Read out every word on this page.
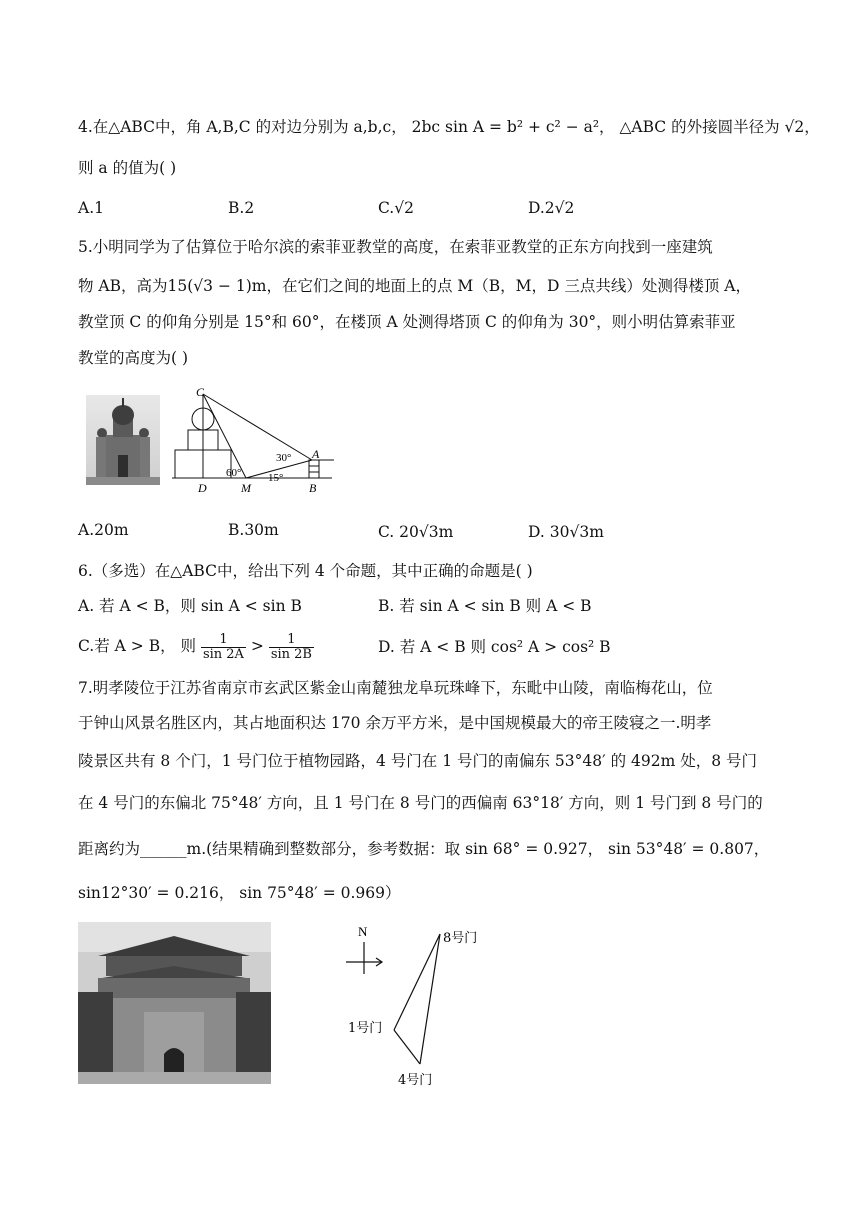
4.在△ABC中，角 A,B,C 的对边分别为 a,b,c， 2bc sin A = b² + c² − a²， △ABC 的外接圆半径为 √2，
则 a 的值为( )
A.1	B.2	C.√2	D.2√2
5.小明同学为了估算位于哈尔滨的索菲亚教堂的高度，在索菲亚教堂的正东方向找到一座建筑
物 AB，高为15(√3 − 1)m，在它们之间的地面上的点 M（B，M，D 三点共线）处测得楼顶 A，
教堂顶 C 的仰角分别是 15°和 60°，在楼顶 A 处测得塔顶 C 的仰角为 30°，则小明估算索菲亚
教堂的高度为( )
C
A
D	M	B
60°
30°
15°
A.20m	B.30m	C. 20√3m	D. 30√3m
6.（多选）在△ABC中，给出下列 4 个命题，其中正确的命题是( )
A. 若 A < B，则 sin A < sin B	B. 若 sin A < sin B 则 A < B
C.若 A > B， 则 $\frac{1}{\sin 2A} > \frac{1}{\sin 2B}$	D. 若 A < B 则 cos² A > cos² B
7.明孝陵位于江苏省南京市玄武区紫金山南麓独龙阜玩珠峰下，东毗中山陵，南临梅花山，位
于钟山风景名胜区内，其占地面积达 170 余万平方米，是中国规模最大的帝王陵寝之一.明孝
陵景区共有 8 个门，1 号门位于植物园路，4 号门在 1 号门的南偏东 53°48′ 的 492m 处，8 号门
在 4 号门的东偏北 75°48′ 方向，且 1 号门在 8 号门的西偏南 63°18′ 方向，则 1 号门到 8 号门的
距离约为______m.(结果精确到整数部分，参考数据：取 sin 68° = 0.927， sin 53°48′ = 0.807，
sin12°30′ = 0.216， sin 75°48′ = 0.969）
N	8号门
1号门
4号门
